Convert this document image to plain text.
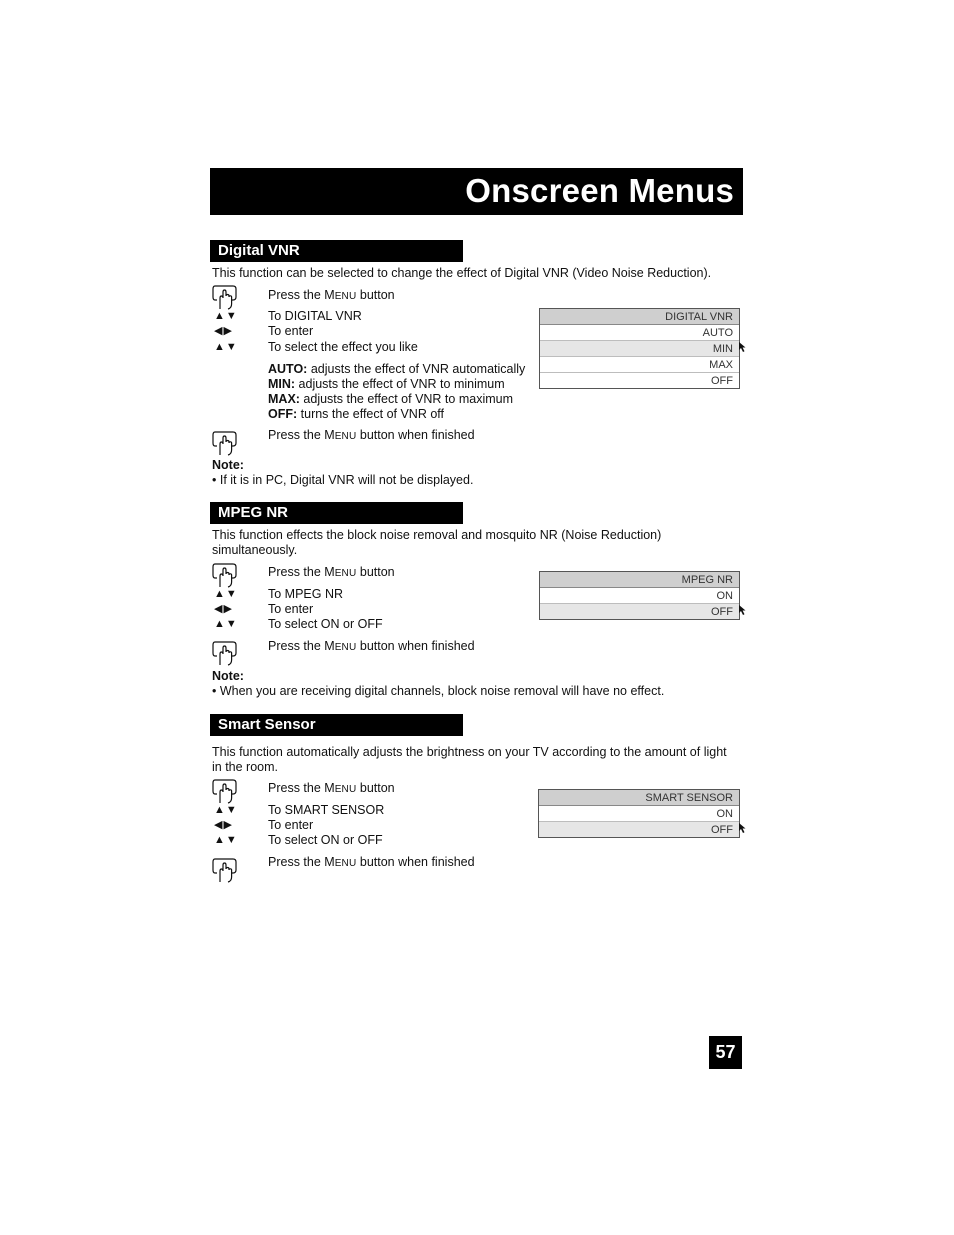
Onscreen Menus
Digital VNR
This function can be selected to change the effect of Digital VNR (Video Noise Reduction).
Press the MENU button
▲▼ To DIGITAL VNR
◀▶	To enter
▲▼ To select the effect you like
AUTO: adjusts the effect of VNR automatically
MIN: adjusts the effect of VNR to minimum
MAX: adjusts the effect of VNR to maximum
OFF: turns the effect of VNR off
Press the MENU button when finished
Note:
• If it is in PC, Digital VNR will not be displayed.
DIGITAL VNR
AUTO
MIN
MAX
OFF
MPEG NR
This function effects the block noise removal and mosquito NR (Noise Reduction)
simultaneously.
Press the MENU button
▲▼ To MPEG NR
◀▶	To enter
▲▼ To select ON or OFF
Press the MENU button when finished
Note:
• When you are receiving digital channels, block noise removal will have no effect.
MPEG NR
ON
OFF
Smart Sensor
This function automatically adjusts the brightness on your TV according to the amount of light
in the room.
Press the MENU button
▲▼ To SMART SENSOR
◀▶	To enter
▲▼ To select ON or OFF
Press the MENU button when finished
SMART SENSOR
ON
OFF
57
